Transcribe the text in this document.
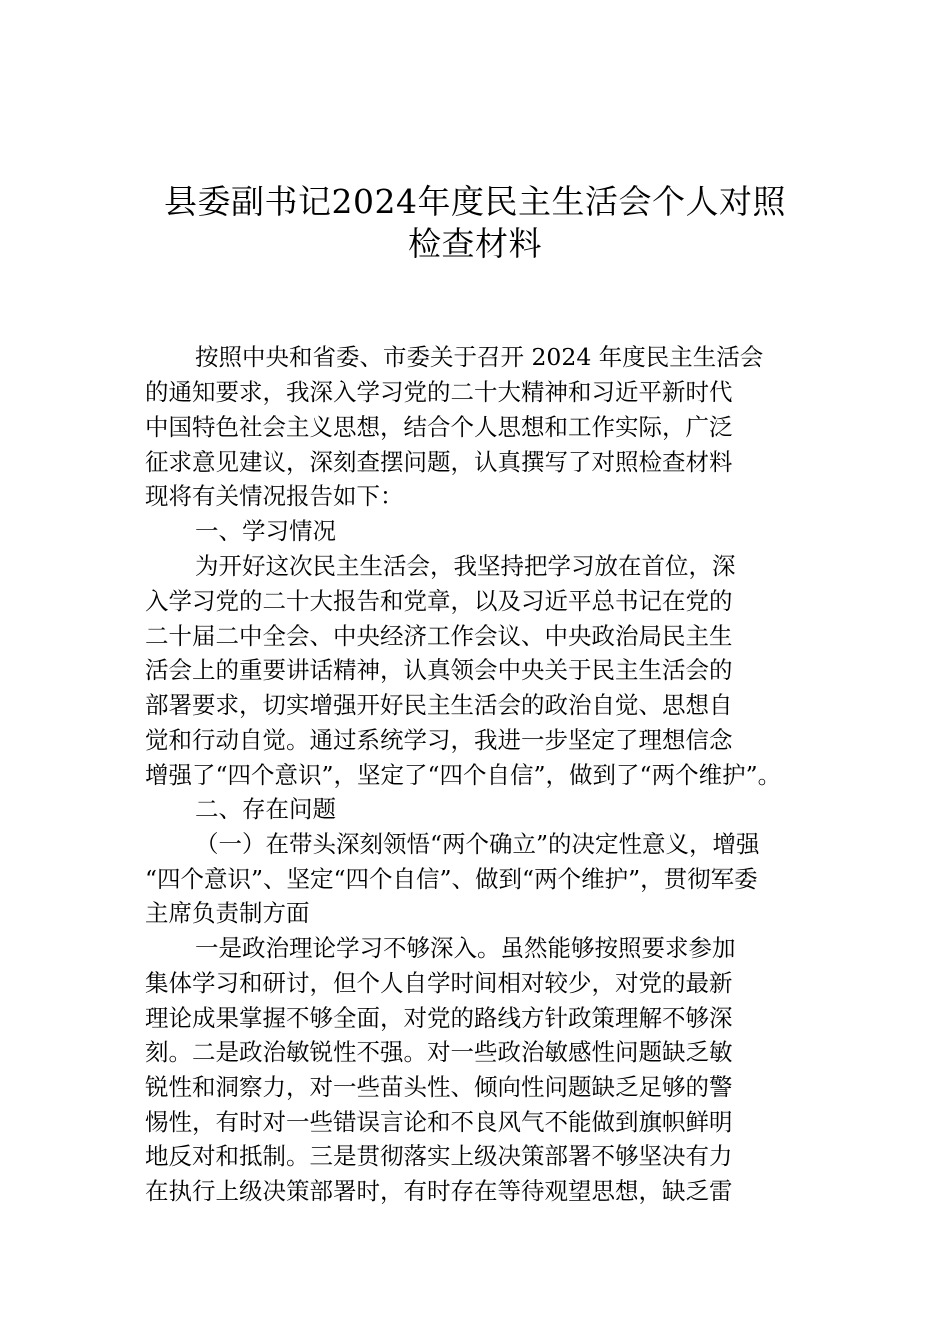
县委副书记2024年度民主生活会个人对照
检查材料
按照中央和省委、市委关于召开 2024 年度民主生活会
的通知要求，我深入学习党的二十大精神和习近平新时代
中国特色社会主义思想，结合个人思想和工作实际，广泛
征求意见建议，深刻查摆问题，认真撰写了对照检查材料
现将有关情况报告如下：
一、学习情况
为开好这次民主生活会，我坚持把学习放在首位，深
入学习党的二十大报告和党章，以及习近平总书记在党的
二十届二中全会、中央经济工作会议、中央政治局民主生
活会上的重要讲话精神，认真领会中央关于民主生活会的
部署要求，切实增强开好民主生活会的政治自觉、思想自
觉和行动自觉。通过系统学习，我进一步坚定了理想信念
增强了“四个意识”，坚定了“四个自信”，做到了“两个维护”。
二、存在问题
（一）在带头深刻领悟“两个确立”的决定性意义，增强
“四个意识”、坚定“四个自信”、做到“两个维护”，贯彻军委
主席负责制方面
一是政治理论学习不够深入。虽然能够按照要求参加
集体学习和研讨，但个人自学时间相对较少，对党的最新
理论成果掌握不够全面，对党的路线方针政策理解不够深
刻。二是政治敏锐性不强。对一些政治敏感性问题缺乏敏
锐性和洞察力，对一些苗头性、倾向性问题缺乏足够的警
惕性，有时对一些错误言论和不良风气不能做到旗帜鲜明
地反对和抵制。三是贯彻落实上级决策部署不够坚决有力
在执行上级决策部署时，有时存在等待观望思想，缺乏雷
